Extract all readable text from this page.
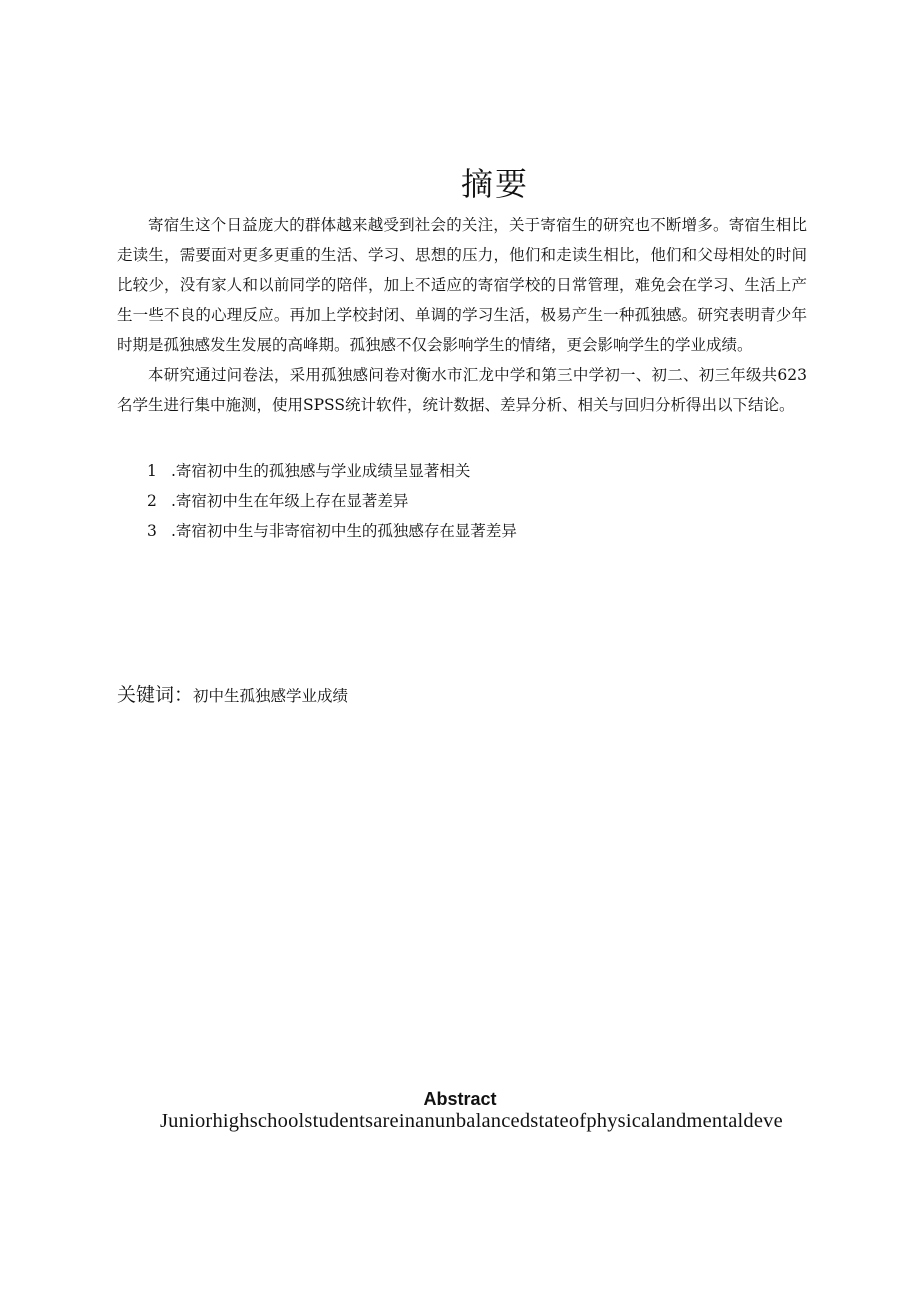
摘要

寄宿生这个日益庞大的群体越来越受到社会的关注，关于寄宿生的研究也不断增多。寄宿生相比走读生，需要面对更多更重的生活、学习、思想的压力，他们和走读生相比，他们和父母相处的时间比较少，没有家人和以前同学的陪伴，加上不适应的寄宿学校的日常管理，难免会在学习、生活上产生一些不良的心理反应。再加上学校封闭、单调的学习生活，极易产生一种孤独感。研究表明青少年时期是孤独感发生发展的高峰期。孤独感不仅会影响学生的情绪，更会影响学生的学业成绩。

本研究通过问卷法，采用孤独感问卷对衡水市汇龙中学和第三中学初一、初二、初三年级共623名学生进行集中施测，使用SPSS统计软件，统计数据、差异分析、相关与回归分析得出以下结论。

1 .寄宿初中生的孤独感与学业成绩呈显著相关
2 .寄宿初中生在年级上存在显著差异
3 .寄宿初中生与非寄宿初中生的孤独感存在显著差异
关键词：初中生孤独感学业成绩
Abstract
Juniorhighschoolstudentsareinanunbalancedstateofphysicalandmentaldeve
